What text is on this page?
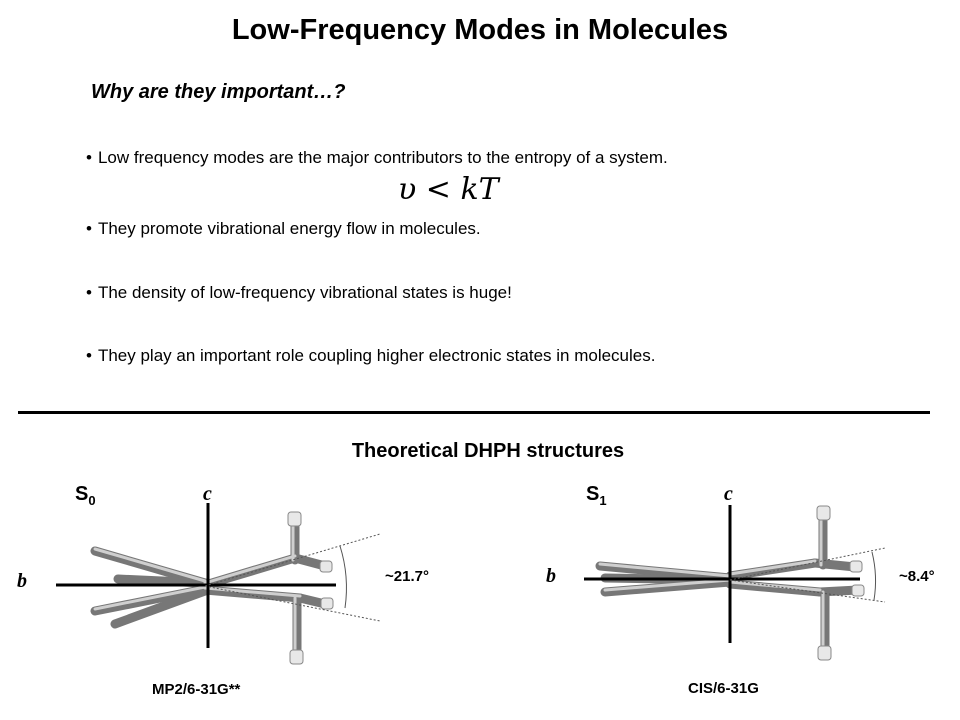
Low-Frequency Modes in Molecules
Why are they important…?
• Low frequency modes are the major contributors to the entropy of a system.
υ < kT
• They promote vibrational energy flow in molecules.
• The density of low-frequency vibrational states is huge!
• They play an important role coupling higher electronic states in molecules.
Theoretical DHPH structures
$S_0$	c
b	~21.7°
MP2/6-31G**
$S_1$	c
b	~8.4°
CIS/6-31G
